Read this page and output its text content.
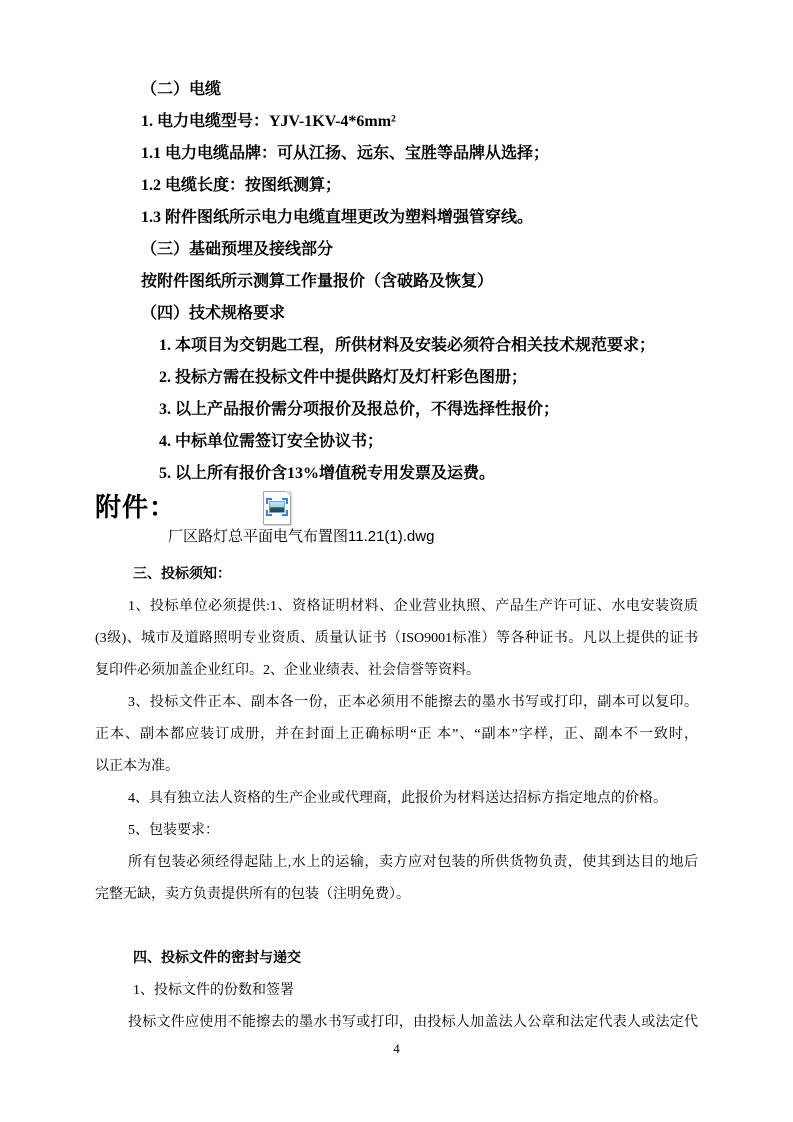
（二）电缆
1. 电力电缆型号：YJV-1KV-4*6mm²
1.1 电力电缆品牌：可从江扬、远东、宝胜等品牌从选择；
1.2 电缆长度：按图纸测算；
1.3 附件图纸所示电力电缆直埋更改为塑料增强管穿线。
（三）基础预埋及接线部分
按附件图纸所示测算工作量报价（含破路及恢复）
（四）技术规格要求
1. 本项目为交钥匙工程，所供材料及安装必须符合相关技术规范要求；
2. 投标方需在投标文件中提供路灯及灯杆彩色图册；
3. 以上产品报价需分项报价及报总价，不得选择性报价；
4. 中标单位需签订安全协议书；
5. 以上所有报价含13%增值税专用发票及运费。
附件：
厂区路灯总平面电气布置图11.21(1).dwg
三、投标须知：
1、投标单位必须提供:1、资格证明材料、企业营业执照、产品生产许可证、水电安装资质
(3级)、城市及道路照明专业资质、质量认证书（ISO9001标准）等各种证书。凡以上提供的证书
复印件必须加盖企业红印。2、企业业绩表、社会信誉等资料。
3、投标文件正本、副本各一份，正本必须用不能擦去的墨水书写或打印，副本可以复印。
正本、副本都应装订成册，并在封面上正确标明“正 本”、“副本”字样，正、副本不一致时，
以正本为准。
4、具有独立法人资格的生产企业或代理商，此报价为材料送达招标方指定地点的价格。
5、包装要求：
所有包装必须经得起陆上,水上的运输，卖方应对包装的所供货物负责，使其到达目的地后
完整无缺，卖方负责提供所有的包装（注明免费）。
四、投标文件的密封与递交
1、投标文件的份数和签署
投标文件应使用不能擦去的墨水书写或打印，由投标人加盖法人公章和法定代表人或法定代
4
